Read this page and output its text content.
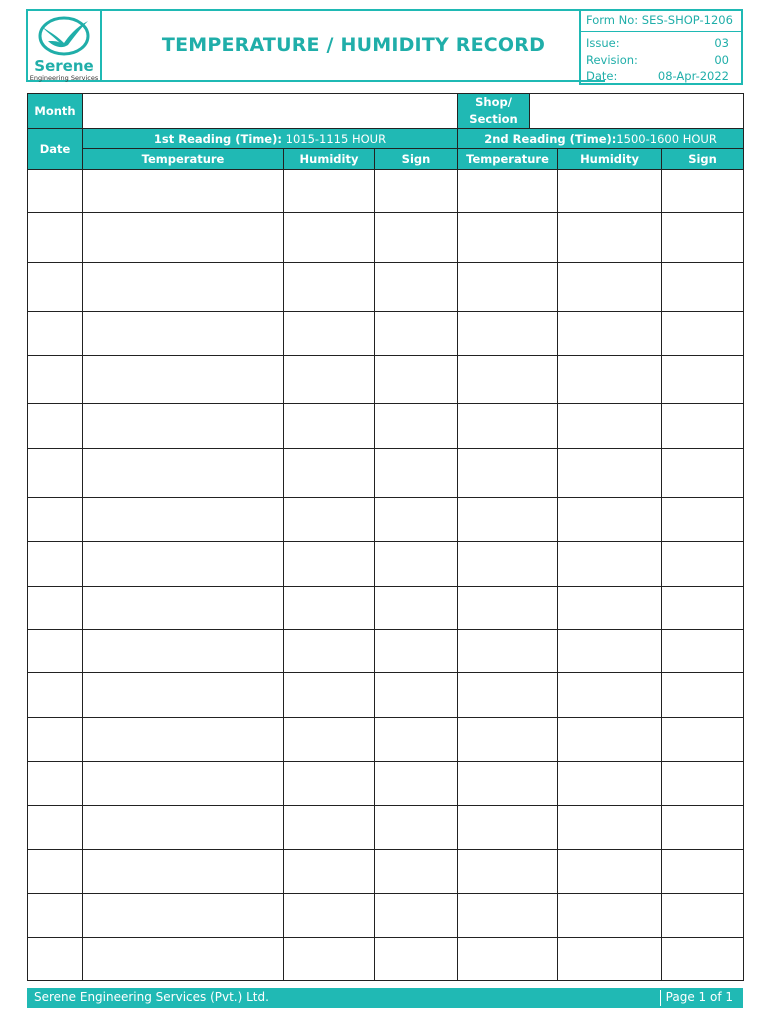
Serene
Engineering Services
TEMPERATURE / HUMIDITY RECORD
Form No: SES-SHOP-1206
Issue:	03
Revision:	00
Date:	08-Apr-2022
Month				Shop/
Section			
Date	1st Reading (Time): 1015-1115 HOUR			2nd Reading (Time):1500-1600 HOUR			
	Temperature	Humidity	Sign	Temperature		Humidity	Sign

Serene Engineering Services (Pvt.) Ltd.	Page 1 of 1
